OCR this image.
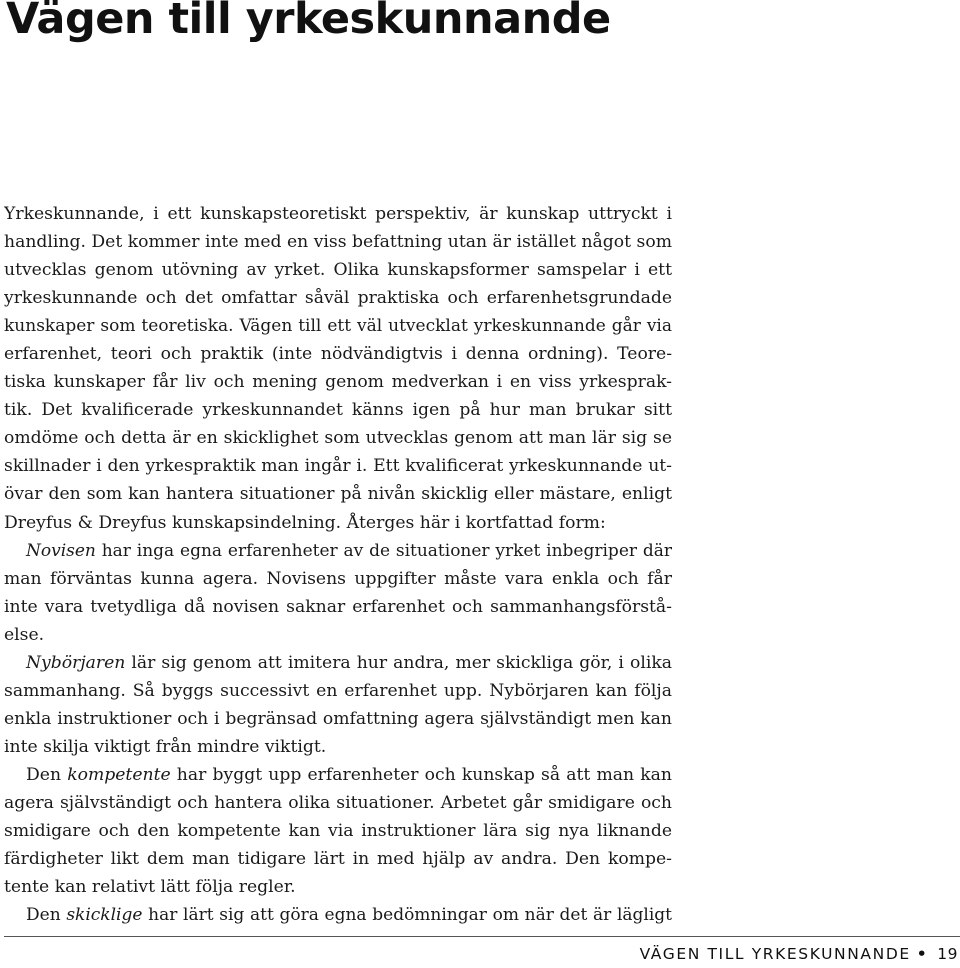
Vägen till yrkeskunnande
Yrkeskunnande, i ett kunskapsteoretiskt perspektiv, är kunskap uttryckt i
handling. Det kommer inte med en viss befattning utan är istället något som
utvecklas genom utövning av yrket. Olika kunskapsformer samspelar i ett
yrkeskunnande och det omfattar såväl praktiska och erfarenhetsgrundade
kunskaper som teoretiska. Vägen till ett väl utvecklat yrkeskunnande går via
erfarenhet, teori och praktik (inte nödvändigtvis i denna ordning). Teore-
tiska kunskaper får liv och mening genom medverkan i en viss yrkesprak-
tik. Det kvalificerade yrkeskunnandet känns igen på hur man brukar sitt
omdöme och detta är en skicklighet som utvecklas genom att man lär sig se
skillnader i den yrkespraktik man ingår i. Ett kvalificerat yrkeskunnande ut-
övar den som kan hantera situationer på nivån skicklig eller mästare, enligt
Dreyfus & Dreyfus kunskapsindelning. Återges här i kortfattad form:
Novisen har inga egna erfarenheter av de situationer yrket inbegriper där
man förväntas kunna agera. Novisens uppgifter måste vara enkla och får
inte vara tvetydliga då novisen saknar erfarenhet och sammanhangsförstå-
else.
Nybörjaren lär sig genom att imitera hur andra, mer skickliga gör, i olika
sammanhang. Så byggs successivt en erfarenhet upp. Nybörjaren kan följa
enkla instruktioner och i begränsad omfattning agera självständigt men kan
inte skilja viktigt från mindre viktigt.
Den kompetente har byggt upp erfarenheter och kunskap så att man kan
agera självständigt och hantera olika situationer. Arbetet går smidigare och
smidigare och den kompetente kan via instruktioner lära sig nya liknande
färdigheter likt dem man tidigare lärt in med hjälp av andra. Den kompe-
tente kan relativt lätt följa regler.
Den skicklige har lärt sig att göra egna bedömningar om när det är lägligt
VÄGEN TILL YRKESKUNNANDE • 19
